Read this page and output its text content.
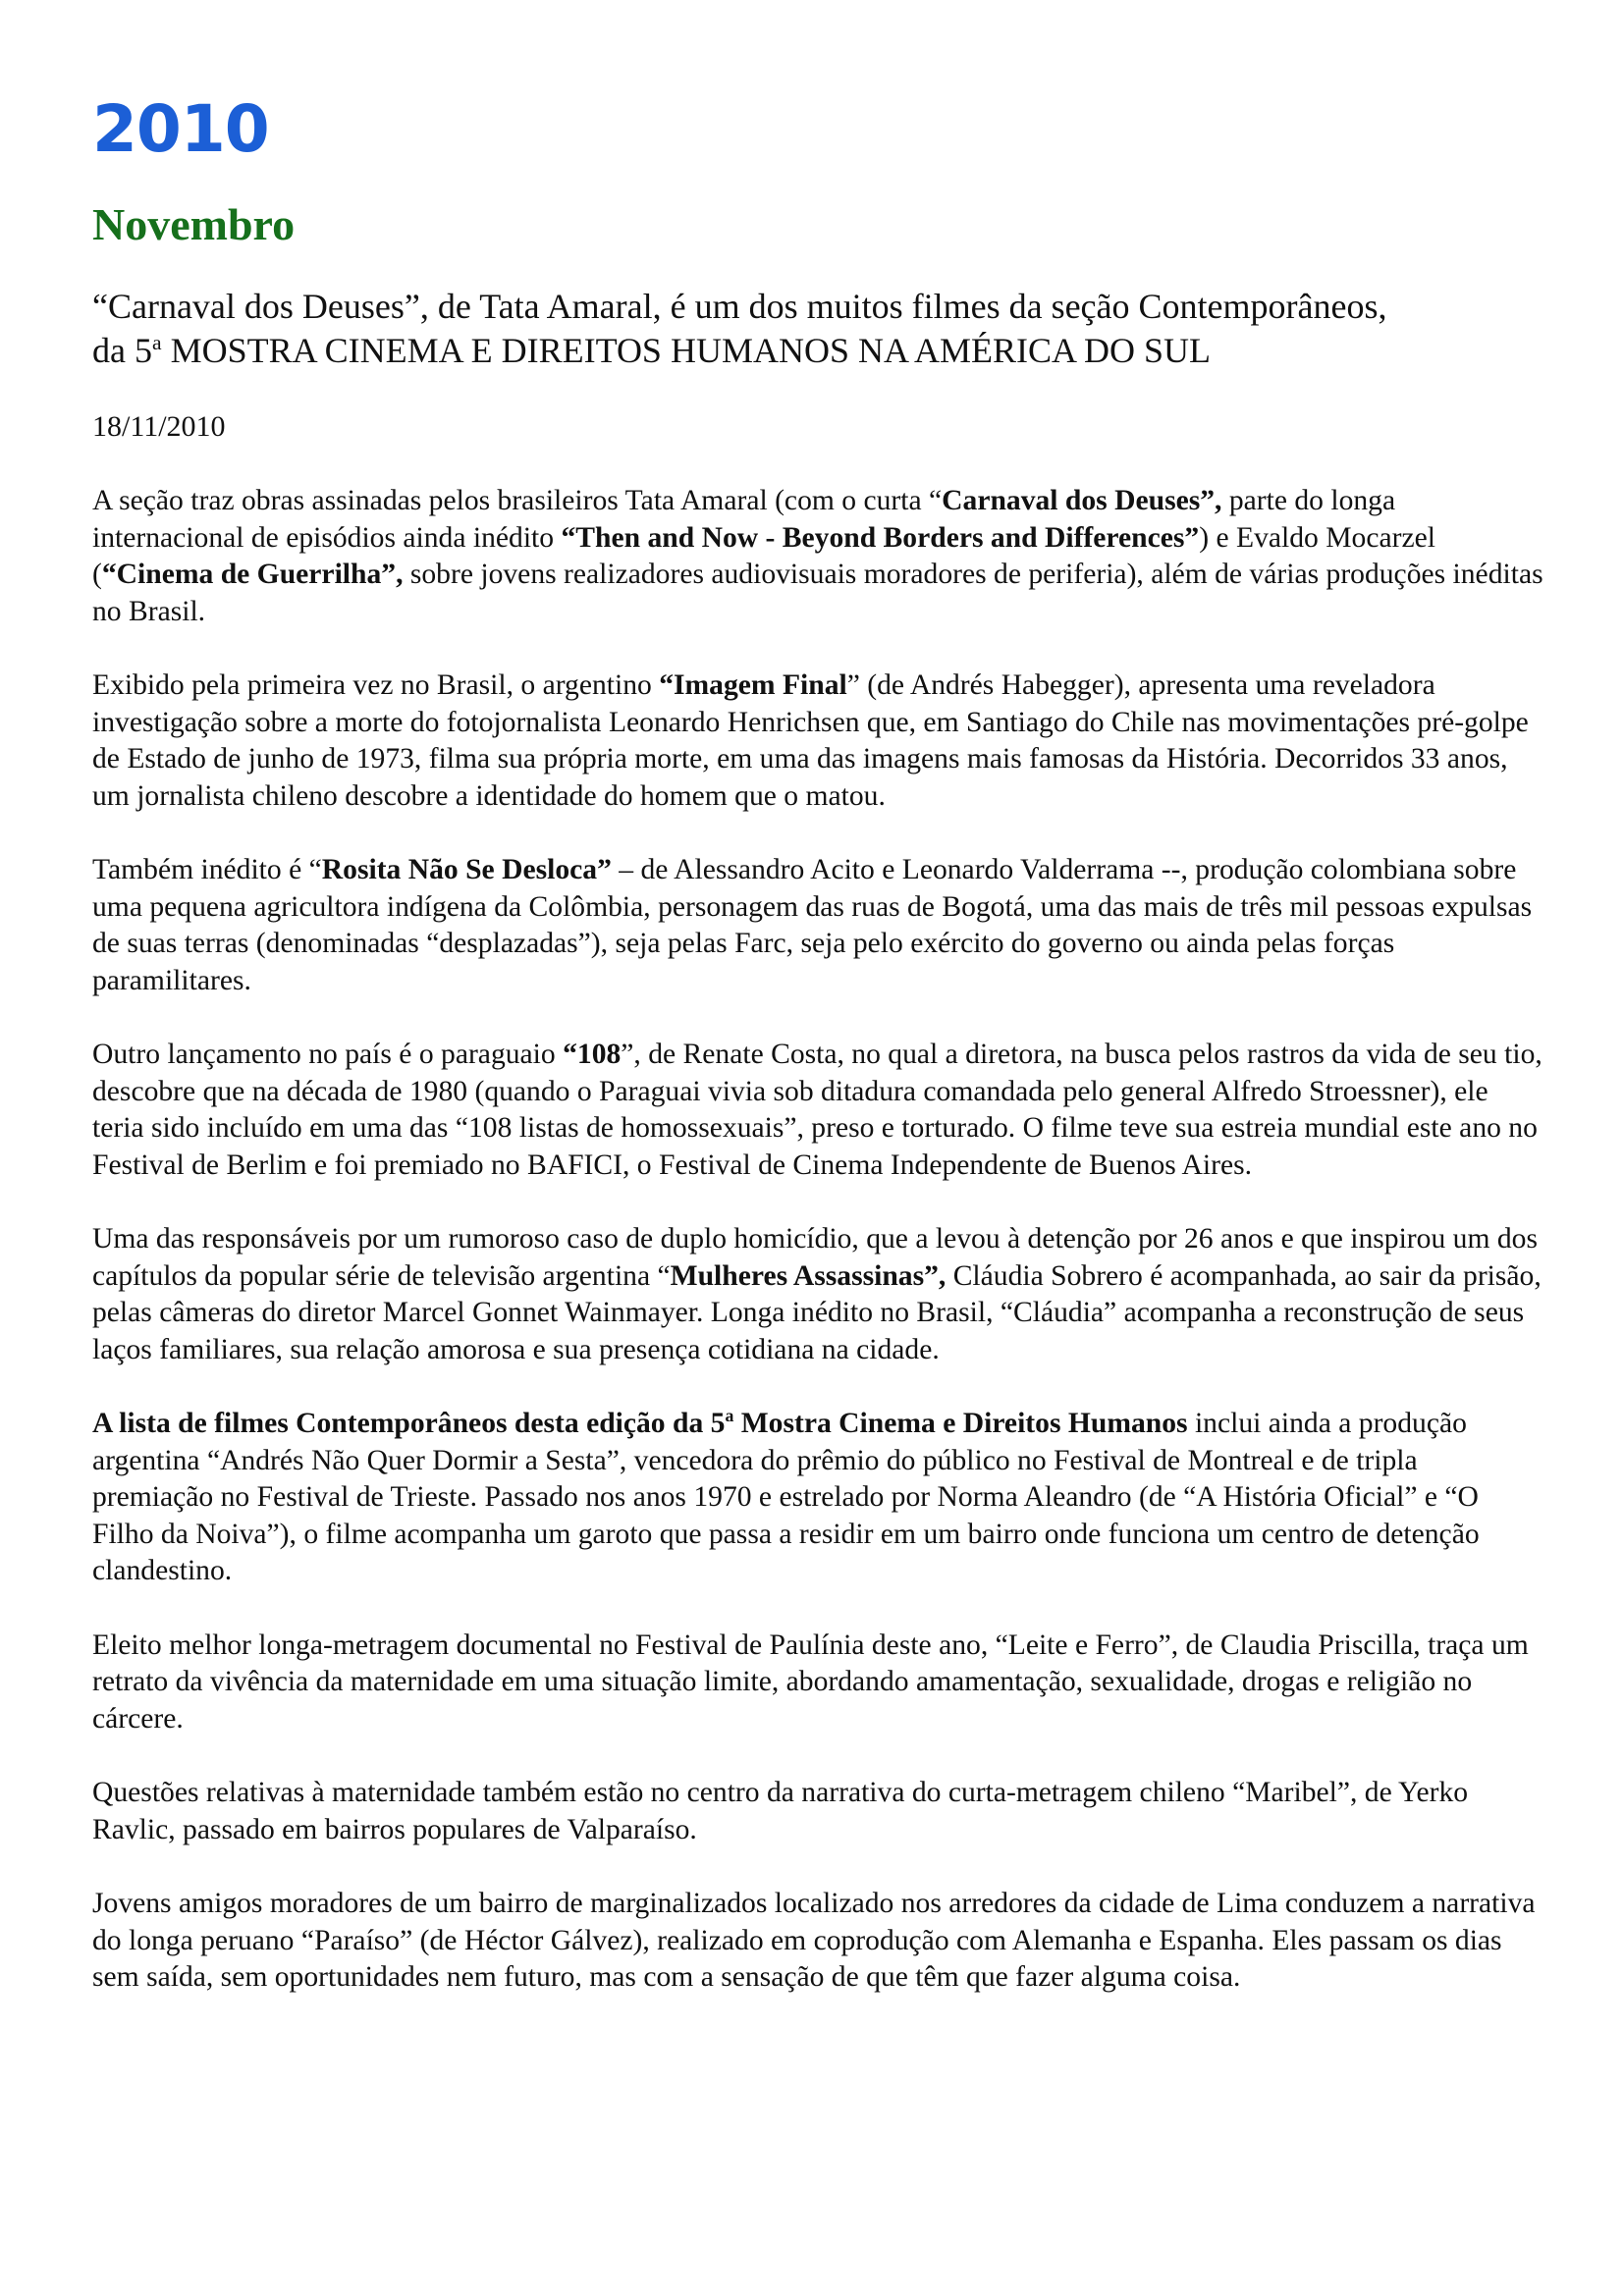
2010
Novembro
“Carnaval dos Deuses”, de Tata Amaral, é um dos muitos filmes da seção Contemporâneos,
da 5$^a$ MOSTRA CINEMA E DIREITOS HUMANOS NA AMÉRICA DO SUL

18/11/2010

A seção traz obras assinadas pelos brasileiros Tata Amaral (com o curta “Carnaval dos Deuses”, parte do longa internacional de episódios ainda inédito “Then and Now - Beyond Borders and Differences”) e Evaldo Mocarzel (“Cinema de Guerrilha”, sobre jovens realizadores audiovisuais moradores de periferia), além de várias produções inéditas no Brasil.

Exibido pela primeira vez no Brasil, o argentino “Imagem Final” (de Andrés Habegger), apresenta uma reveladora investigação sobre a morte do fotojornalista Leonardo Henrichsen que, em Santiago do Chile nas movimentações pré-golpe de Estado de junho de 1973, filma sua própria morte, em uma das imagens mais famosas da História. Decorridos 33 anos, um jornalista chileno descobre a identidade do homem que o matou.

Também inédito é “Rosita Não Se Desloca” – de Alessandro Acito e Leonardo Valderrama --, produção colombiana sobre uma pequena agricultora indígena da Colômbia, personagem das ruas de Bogotá, uma das mais de três mil pessoas expulsas de suas terras (denominadas “desplazadas”), seja pelas Farc, seja pelo exército do governo ou ainda pelas forças paramilitares.

Outro lançamento no país é o paraguaio “108”, de Renate Costa, no qual a diretora, na busca pelos rastros da vida de seu tio, descobre que na década de 1980 (quando o Paraguai vivia sob ditadura comandada pelo general Alfredo Stroessner), ele teria sido incluído em uma das “108 listas de homossexuais”, preso e torturado. O filme teve sua estreia mundial este ano no Festival de Berlim e foi premiado no BAFICI, o Festival de Cinema Independente de Buenos Aires.

Uma das responsáveis por um rumoroso caso de duplo homicídio, que a levou à detenção por 26 anos e que inspirou um dos capítulos da popular série de televisão argentina “Mulheres Assassinas”, Cláudia Sobrero é acompanhada, ao sair da prisão, pelas câmeras do diretor Marcel Gonnet Wainmayer. Longa inédito no Brasil, “Cláudia” acompanha a reconstrução de seus laços familiares, sua relação amorosa e sua presença cotidiana na cidade.

A lista de filmes Contemporâneos desta edição da 5$^a$ Mostra Cinema e Direitos Humanos inclui ainda a produção argentina “Andrés Não Quer Dormir a Sesta”, vencedora do prêmio do público no Festival de Montreal e de tripla premiação no Festival de Trieste. Passado nos anos 1970 e estrelado por Norma Aleandro (de “A História Oficial” e “O Filho da Noiva”), o filme acompanha um garoto que passa a residir em um bairro onde funciona um centro de detenção clandestino.

Eleito melhor longa-metragem documental no Festival de Paulínia deste ano, “Leite e Ferro”, de Claudia Priscilla, traça um retrato da vivência da maternidade em uma situação limite, abordando amamentação, sexualidade, drogas e religião no cárcere.

Questões relativas à maternidade também estão no centro da narrativa do curta-metragem chileno “Maribel”, de Yerko Ravlic, passado em bairros populares de Valparaíso.

Jovens amigos moradores de um bairro de marginalizados localizado nos arredores da cidade de Lima conduzem a narrativa do longa peruano “Paraíso” (de Héctor Gálvez), realizado em coprodução com Alemanha e Espanha. Eles passam os dias sem saída, sem oportunidades nem futuro, mas com a sensação de que têm que fazer alguma coisa.
